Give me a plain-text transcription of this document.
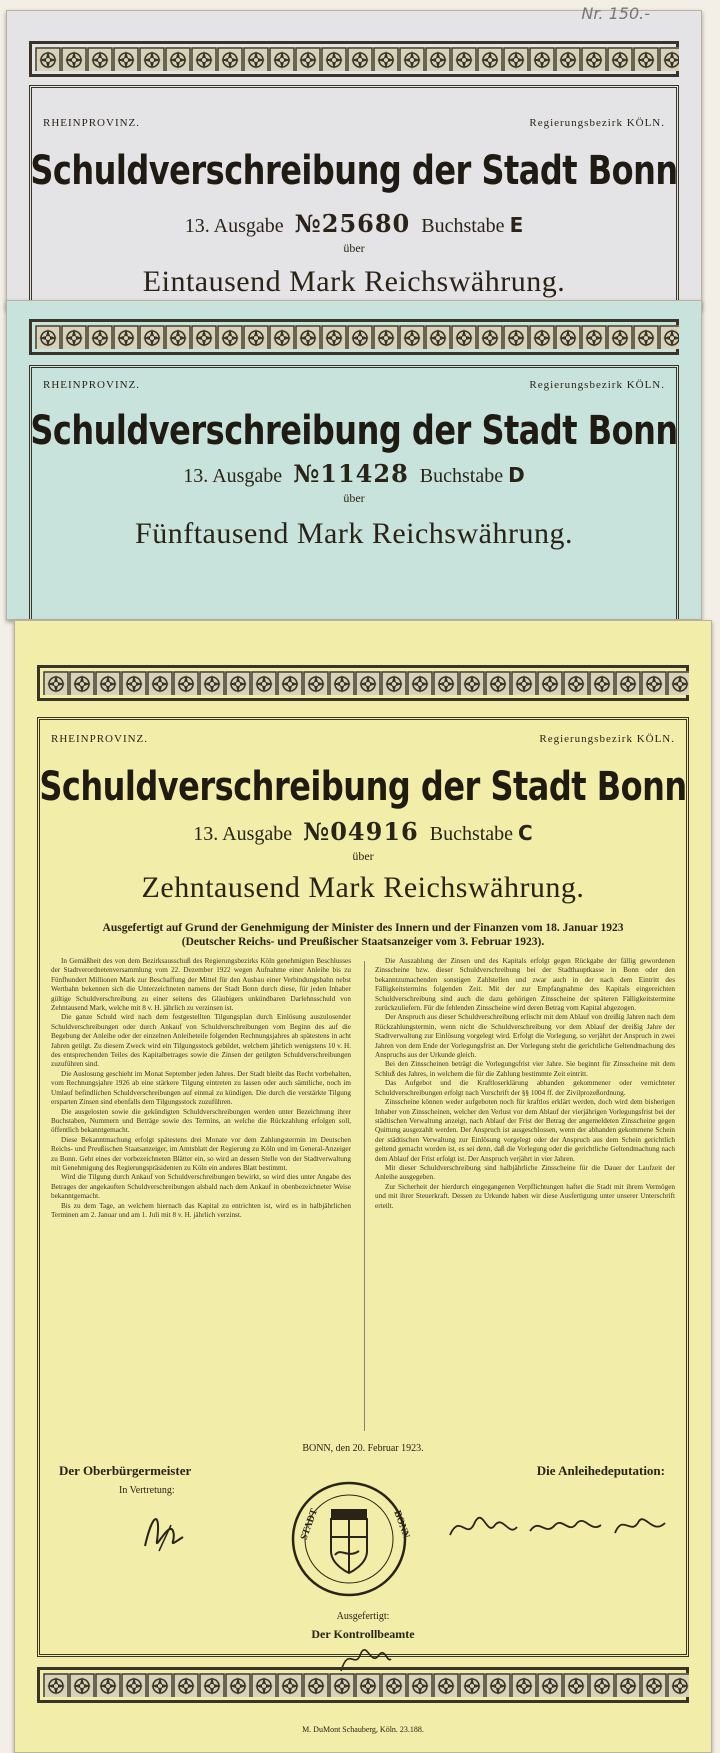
Nr. 150.-
RHEINPROVINZ.	Regierungsbezirk KÖLN.
Schuldverschreibung der Stadt Bonn
13. Ausgabe №25680 Buchstabe E
über
Eintausend Mark Reichswährung.
RHEINPROVINZ.	Regierungsbezirk KÖLN.
Schuldverschreibung der Stadt Bonn
13. Ausgabe №11428 Buchstabe D
über
Fünftausend Mark Reichswährung.
RHEINPROVINZ.	Regierungsbezirk KÖLN.
Schuldverschreibung der Stadt Bonn
13. Ausgabe №04916 Buchstabe C
über
Zehntausend Mark Reichswährung.
Ausgefertigt auf Grund der Genehmigung der Minister des Innern und der Finanzen vom 18. Januar 1923
(Deutscher Reichs- und Preußischer Staatsanzeiger vom 3. Februar 1923).

In Gemäßheit des von dem Bezirksausschuß des Regierungsbezirks Köln genehmigten Beschlusses der Stadtverordnetenversammlung vom 22. Dezember 1922 wegen Aufnahme einer Anleihe bis zu Fünfhundert Millionen Mark zur Beschaffung der Mittel für den Ausbau einer Verbindungsbahn nebst Wertbahn bekennen sich die Unterzeichneten namens der Stadt Bonn durch diese, für jeden Inhaber gültige Schuldverschreibung zu einer seitens des Gläubigers unkündbaren Darlehnsschuld von Zehntausend Mark, welche mit 8 v. H. jährlich zu verzinsen ist.

Die ganze Schuld wird nach dem festgestellten Tilgungsplan durch Einlösung auszulosender Schuldverschreibungen oder durch Ankauf von Schuldverschreibungen vom Beginn des auf die Begebung der Anleihe oder der einzelnen Anleiheteile folgenden Rechnungsjahres ab spätestens in acht Jahren getilgt. Zu diesem Zweck wird ein Tilgungsstock gebildet, welchem jährlich wenigstens 10 v. H. des entsprechenden Teiles des Kapitalbetrages sowie die Zinsen der getilgten Schuldverschreibungen zuzuführen sind.

Die Auslosung geschieht im Monat September jeden Jahres. Der Stadt bleibt das Recht vorbehalten, vom Rechnungsjahre 1926 ab eine stärkere Tilgung eintreten zu lassen oder auch sämtliche, noch im Umlauf befindlichen Schuldverschreibungen auf einmal zu kündigen. Die durch die verstärkte Tilgung ersparten Zinsen sind ebenfalls dem Tilgungsstock zuzuführen.

Die ausgelosten sowie die gekündigten Schuldverschreibungen werden unter Bezeichnung ihrer Buchstaben, Nummern und Beträge sowie des Termins, an welche die Rückzahlung erfolgen soll, öffentlich bekanntgemacht.

Diese Bekanntmachung erfolgt spätestens drei Monate vor dem Zahlungstermin im Deutschen Reichs- und Preußischen Staatsanzeiger, im Amtsblatt der Regierung zu Köln und im General-Anzeiger zu Bonn. Geht eines der vorbezeichneten Blätter ein, so wird an dessen Stelle von der Stadtverwaltung mit Genehmigung des Regierungspräsidenten zu Köln ein anderes Blatt bestimmt.

Wird die Tilgung durch Ankauf von Schuldverschreibungen bewirkt, so wird dies unter Angabe des Betrages der angekauften Schuldverschreibungen alsbald nach dem Ankauf in obenbezeichneter Weise bekanntgemacht.

Bis zu dem Tage, an welchem hiernach das Kapital zu entrichten ist, wird es in halbjährlichen Terminen am 2. Januar und am 1. Juli mit 8 v. H. jährlich verzinst.

Die Auszahlung der Zinsen und des Kapitals erfolgt gegen Rückgabe der fällig gewordenen Zinsscheine bzw. dieser Schuldverschreibung bei der Stadthauptkasse in Bonn oder den bekanntzumachenden sonstigen Zahlstellen und zwar auch in der nach dem Eintritt des Fälligkeitstermins folgenden Zeit. Mit der zur Empfangnahme des Kapitals eingereichten Schuldverschreibung sind auch die dazu gehörigen Zinsscheine der späteren Fälligkeitstermine zurückzuliefern. Für die fehlenden Zinsscheine wird deren Betrag vom Kapital abgezogen.

Der Anspruch aus dieser Schuldverschreibung erlischt mit dem Ablauf von dreißig Jahren nach dem Rückzahlungstermin, wenn nicht die Schuldverschreibung vor dem Ablauf der dreißig Jahre der Stadtverwaltung zur Einlösung vorgelegt wird. Erfolgt die Vorlegung, so verjährt der Anspruch in zwei Jahren von dem Ende der Vorlegungsfrist an. Der Vorlegung steht die gerichtliche Geltendmachung des Anspruchs aus der Urkunde gleich.

Bei den Zinsscheinen beträgt die Vorlegungsfrist vier Jahre. Sie beginnt für Zinsscheine mit dem Schluß des Jahres, in welchem die für die Zahlung bestimmte Zeit eintritt.

Das Aufgebot und die Kraftloserklärung abhanden gekommener oder vernichteter Schuldverschreibungen erfolgt nach Vorschrift der §§ 1004 ff. der Zivilprozeßordnung.

Zinsscheine können weder aufgeboten noch für kraftlos erklärt werden, doch wird dem bisherigen Inhaber von Zinsscheinen, welcher den Verlust vor dem Ablauf der vierjährigen Vorlegungsfrist bei der städtischen Verwaltung anzeigt, nach Ablauf der Frist der Betrag der angemeldeten Zinsscheine gegen Quittung ausgezahlt werden. Der Anspruch ist ausgeschlossen, wenn der abhanden gekommene Schein der städtischen Verwaltung zur Einlösung vorgelegt oder der Anspruch aus dem Schein gerichtlich geltend gemacht worden ist, es sei denn, daß die Vorlegung oder die gerichtliche Geltendmachung nach dem Ablauf der Frist erfolgt ist. Der Anspruch verjährt in vier Jahren.

Mit dieser Schuldverschreibung sind halbjährliche Zinsscheine für die Dauer der Laufzeit der Anleihe ausgegeben.

Zur Sicherheit der hierdurch eingegangenen Verpflichtungen haftet die Stadt mit ihrem Vermögen und mit ihrer Steuerkraft. Dessen zu Urkunde haben wir diese Ausfertigung unter unserer Unterschrift erteilt.

BONN, den 20. Februar 1923.
Der Oberbürgermeister
In Vertretung:
Die Anleihedeputation:
STADT	BONN
Ausgefertigt:
Der Kontrollbeamte
M. DuMont Schauberg, Köln. 23.188.
